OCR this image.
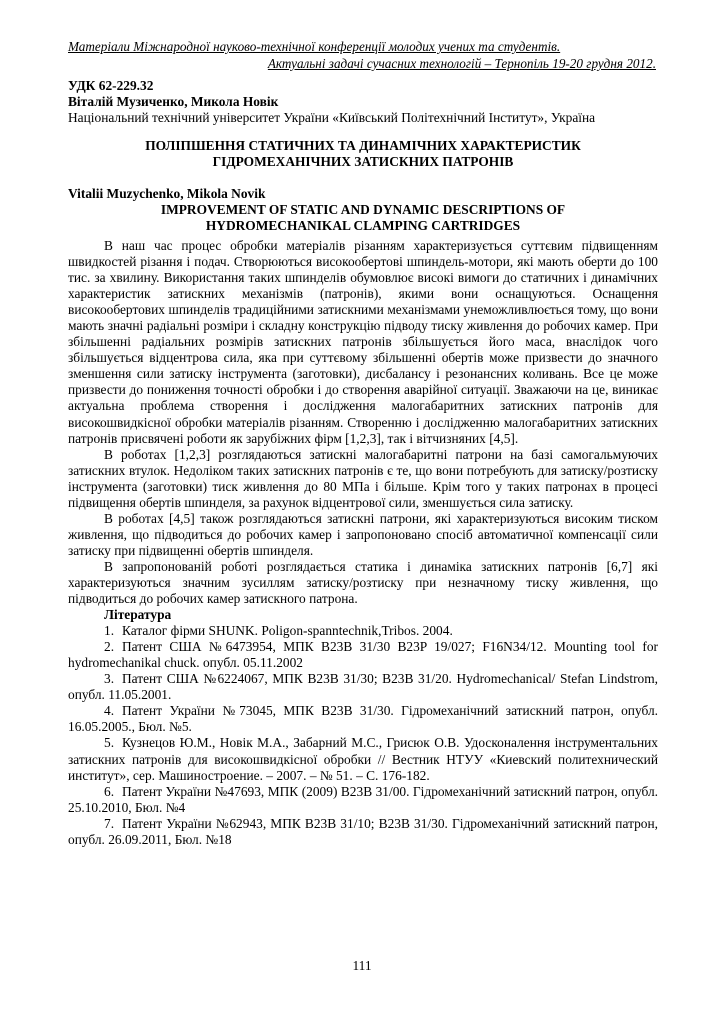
Матеріали Міжнародної науково-технічної конференції молодих учених та студентів.
Актуальні задачі сучасних технологій – Тернопіль 19-20 грудня 2012.
УДК 62-229.32
Віталій Музиченко, Микола Новік
Національний технічний університет України «Київський Політехнічний Інститут», Україна
ПОЛІПШЕННЯ СТАТИЧНИХ ТА ДИНАМІЧНИХ ХАРАКТЕРИСТИК
ГІДРОМЕХАНІЧНИХ ЗАТИСКНИХ ПАТРОНІВ
Vitalii Muzychenko, Mikola Novik
IMPROVEMENT OF STATIC AND DYNAMIC DESCRIPTIONS OF
HYDROMECHANIKAL CLAMPING CARTRIDGES

В наш час процес обробки матеріалів різанням характеризується суттєвим підвищенням швидкостей різання і подач. Створюються високообертові шпиндель-мотори, які мають оберти до 100 тис. за хвилину. Використання таких шпинделів обумовлює високі вимоги до статичних і динамічних характеристик затискних механізмів (патронів), якими вони оснащуються. Оснащення високообертових шпинделів традиційними затискними механізмами унеможливлюється тому, що вони мають значні радіальні розміри і складну конструкцію підводу тиску живлення до робочих камер. При збільшенні радіальних розмірів затискних патронів збільшується його маса, внаслідок чого збільшується відцентрова сила, яка при суттєвому збільшенні обертів може призвести до значного зменшення сили затиску інструмента (заготовки), дисбалансу і резонансних коливань. Все це може призвести до пониження точності обробки і до створення аварійної ситуації. Зважаючи на це, виникає актуальна проблема створення і дослідження малогабаритних затискних патронів для високошвидкісної обробки матеріалів різанням. Створенню і дослідженню малогабаритних затискних патронів присвячені роботи як зарубіжних фірм [1,2,3], так і вітчизняних [4,5].

В роботах [1,2,3] розглядаються затискні малогабаритні патрони на базі самогальмуючих затискних втулок. Недоліком таких затискних патронів є те, що вони потребують для затиску/розтиску інструмента (заготовки) тиск живлення до 80 МПа і більше. Крім того у таких патронах в процесі підвищення обертів шпинделя, за рахунок відцентрової сили, зменшується сила затиску.

В роботах [4,5] також розглядаються затискні патрони, які характеризуються високим тиском живлення, що підводиться до робочих камер і запропоновано спосіб автоматичної компенсації сили затиску при підвищенні обертів шпинделя.

В запропонованій роботі розглядається статика і динаміка затискних патронів [6,7] які характеризуються значним зусиллям затиску/розтиску при незначному тиску живлення, що підводиться до робочих камер затискного патрона.

Література
1. Каталог фірми SHUNK. Poligon-spanntechnik,Tribos. 2004.
2. Патент США №6473954, МПК B23B 31/30 B23P 19/027; F16N34/12. Mounting tool for hydromechanikal chuck. опубл. 05.11.2002
3. Патент США №6224067, МПК B23B 31/30; B23B 31/20. Hydromechanical/ Stefan Lindstrom, опубл. 11.05.2001.
4. Патент України №73045, МПК B23B 31/30. Гідромеханічний затискний патрон, опубл. 16.05.2005., Бюл. №5.
5. Кузнецов Ю.М., Новік М.А., Забарний М.С., Грисюк О.В. Удосконалення інструментальних затискних патронів для високошвидкісної обробки // Вестник НТУУ «Киевский политехнический институт», сер. Машиностроение. – 2007. – № 51. – С. 176-182.
6. Патент України №47693, МПК (2009) B23B 31/00. Гідромеханічний затискний патрон, опубл. 25.10.2010, Бюл. №4
7. Патент України №62943, МПК B23B 31/10; B23B 31/30. Гідромеханічний затискний патрон, опубл. 26.09.2011, Бюл. №18
111
